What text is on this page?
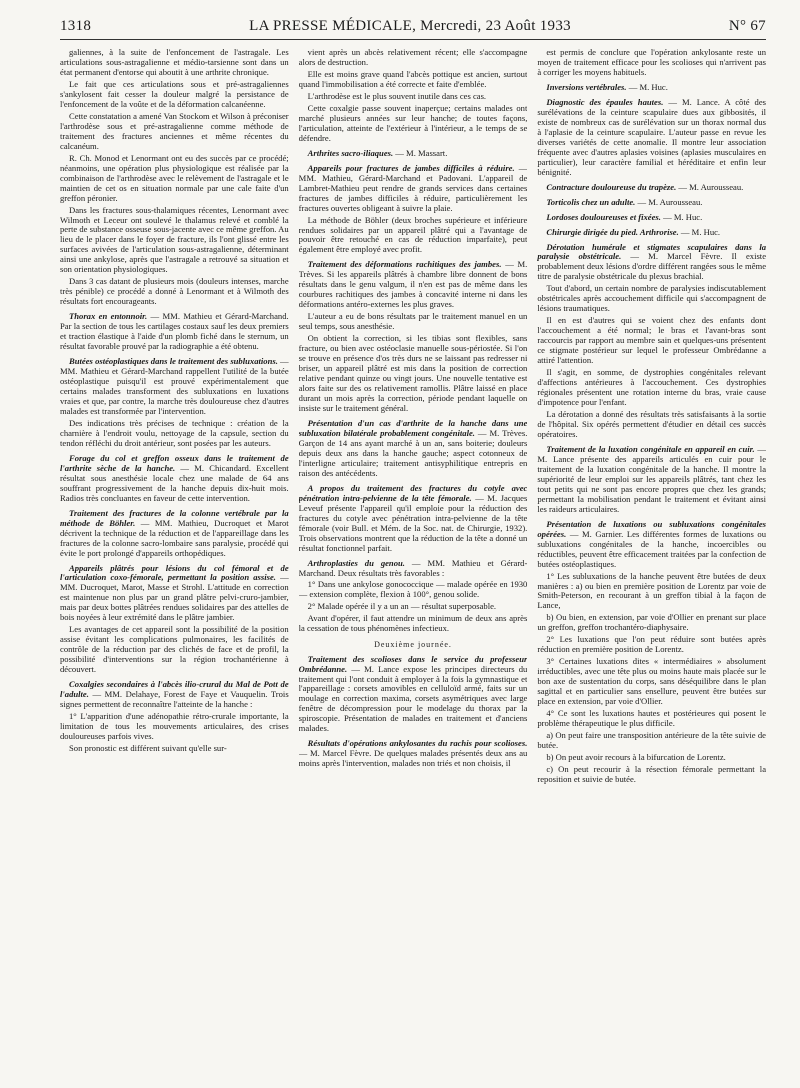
1318	LA PRESSE MÉDICALE, Mercredi, 23 Août 1933	N° 67

galiennes, à la suite de l'enfoncement de l'astragale. Les articulations sous-astragalienne et médio-tarsienne sont dans un état permanent d'entorse qui aboutit à une arthrite chronique.

Le fait que ces articulations sous et pré-astragaliennes s'ankylosent fait cesser la douleur malgré la persistance de l'enfoncement de la voûte et de la déformation calcanéenne.

Cette constatation a amené Van Stockom et Wilson à préconiser l'arthrodèse sous et pré-astragalienne comme méthode de traitement des fractures anciennes et même récentes du calcanéum.

R. Ch. Monod et Lenormant ont eu des succès par ce procédé; néanmoins, une opération plus physiologique est réalisée par la combinaison de l'arthrodèse avec le relèvement de l'astragale et le maintien de cet os en situation normale par une cale faite d'un greffon péronier.

Dans les fractures sous-thalamiques récentes, Lenormant avec Wilmoth et Leceur ont soulevé le thalamus relevé et comblé la perte de substance osseuse sous-jacente avec ce même greffon. Au lieu de le placer dans le foyer de fracture, ils l'ont glissé entre les surfaces avivées de l'articulation sous-astragalienne, déterminant ainsi une ankylose, après que l'astragale a retrouvé sa situation et son orientation physiologiques.

Dans 3 cas datant de plusieurs mois (douleurs intenses, marche très pénible) ce procédé a donné à Lenormant et à Wilmoth des résultats fort encourageants.

Thorax en entonnoir. — MM. Mathieu et Gérard-Marchand. Par la section de tous les cartilages costaux sauf les deux premiers et traction élastique à l'aide d'un plomb fiché dans le sternum, un résultat favorable prouvé par la radiographie a été obtenu.

Butées ostéoplastiques dans le traitement des subluxations. — MM. Mathieu et Gérard-Marchand rappellent l'utilité de la butée ostéoplastique puisqu'il est prouvé expérimentalement que certains malades transforment des subluxations en luxations vraies et que, par contre, la marche très douloureuse chez d'autres malades est transformée par l'intervention.

Des indications très précises de technique : création de la charnière à l'endroit voulu, nettoyage de la capsule, section du tendon réfléchi du droit antérieur, sont posées par les auteurs.

Forage du col et greffon osseux dans le traitement de l'arthrite sèche de la hanche. — M. Chicandard. Excellent résultat sous anesthésie locale chez une malade de 64 ans souffrant progressivement de la hanche depuis dix-huit mois. Radios très concluantes en faveur de cette intervention.

Traitement des fractures de la colonne vertébrale par la méthode de Böhler. — MM. Mathieu, Ducroquet et Marot décrivent la technique de la réduction et de l'appareillage dans les fractures de la colonne sacro-lombaire sans paralysie, procédé qui évite le port prolongé d'appareils orthopédiques.

Appareils plâtrés pour lésions du col fémoral et de l'articulation coxo-fémorale, permettant la position assise. — MM. Ducroquet, Marot, Masse et Strohl. L'attitude en correction est maintenue non plus par un grand plâtre pelvi-cruro-jambier, mais par deux bottes plâtrées rendues solidaires par des attelles de bois noyées à leur extrémité dans le plâtre jambier.

Les avantages de cet appareil sont la possibilité de la position assise évitant les complications pulmonaires, les facilités de contrôle de la réduction par des clichés de face et de profil, la possibilité d'interventions sur la région trochantérienne à découvert.

Coxalgies secondaires à l'abcès ilio-crural du Mal de Pott de l'adulte. — MM. Delahaye, Forest de Faye et Vauquelin. Trois signes permettent de reconnaître l'atteinte de la hanche :

1° L'apparition d'une adénopathie rétro-crurale importante, la limitation de tous les mouvements articulaires, des crises douloureuses parfois vives.

Son pronostic est différent suivant qu'elle sur-

vient après un abcès relativement récent; elle s'accompagne alors de destruction.

Elle est moins grave quand l'abcès pottique est ancien, surtout quand l'immobilisation a été correcte et faite d'emblée.

L'arthrodèse est le plus souvent inutile dans ces cas.

Cette coxalgie passe souvent inaperçue; certains malades ont marché plusieurs années sur leur hanche; de toutes façons, l'articulation, atteinte de l'extérieur à l'intérieur, a le temps de se défendre.

Arthrites sacro-iliaques. — M. Massart.

Appareils pour fractures de jambes difficiles à réduire. — MM. Mathieu, Gérard-Marchand et Padovani. L'appareil de Lambret-Mathieu peut rendre de grands services dans certaines fractures de jambes difficiles à réduire, particulièrement les fractures ouvertes obligeant à suivre la plaie.

La méthode de Böhler (deux broches supérieure et inférieure rendues solidaires par un appareil plâtré qui a l'avantage de pouvoir être retouché en cas de réduction imparfaite), peut également être employé avec profit.

Traitement des déformations rachitiques des jambes. — M. Trèves. Si les appareils plâtrés à chambre libre donnent de bons résultats dans le genu valgum, il n'en est pas de même dans les courbures rachitiques des jambes à concavité interne ni dans les déformations antéro-externes les plus graves.

L'auteur a eu de bons résultats par le traitement manuel en un seul temps, sous anesthésie.

On obtient la correction, si les tibias sont flexibles, sans fracture, ou bien avec ostéoclasie manuelle sous-périostée. Si l'on se trouve en présence d'os très durs ne se laissant pas redresser ni briser, un appareil plâtré est mis dans la position de correction relative pendant quinze ou vingt jours. Une nouvelle tentative est alors faite sur des os relativement ramollis. Plâtre laissé en place durant un mois après la correction, période pendant laquelle on insiste sur le traitement général.

Présentation d'un cas d'arthrite de la hanche dans une subluxation bilatérale probablement congénitale. — M. Trèves. Garçon de 14 ans ayant marché à un an, sans boiterie; douleurs depuis deux ans dans la hanche gauche; aspect cotonneux de l'interligne articulaire; traitement antisyphilitique entrepris en raison des antécédents.

A propos du traitement des fractures du cotyle avec pénétration intra-pelvienne de la tête fémorale. — M. Jacques Leveuf présente l'appareil qu'il emploie pour la réduction des fractures du cotyle avec pénétration intra-pelvienne de la tête fémorale (voir Bull. et Mém. de la Soc. nat. de Chirurgie, 1932). Trois observations montrent que la réduction de la tête a donné un résultat fonctionnel parfait.

Arthroplasties du genou. — MM. Mathieu et Gérard-Marchand. Deux résultats très favorables :

1° Dans une ankylose gonococcique — malade opérée en 1930 — extension complète, flexion à 100°, genou solide.

2° Malade opérée il y a un an — résultat superposable.

Avant d'opérer, il faut attendre un minimum de deux ans après la cessation de tous phénomènes infectieux.

Deuxième journée.

Traitement des scolioses dans le service du professeur Ombrédanne. — M. Lance expose les principes directeurs du traitement qui l'ont conduit à employer à la fois la gymnastique et l'appareillage : corsets amovibles en celluloïd armé, faits sur un moulage en correction maxima, corsets asymétriques avec large fenêtre de décompression pour le modelage du thorax par la spiroscopie. Présentation de malades en traitement et d'anciens malades.

Résultats d'opérations ankylosantes du rachis pour scolioses. — M. Marcel Fèvre. De quelques malades présentés deux ans au moins après l'intervention, malades non triés et non choisis, il

est permis de conclure que l'opération ankylosante reste un moyen de traitement efficace pour les scolioses qui n'arrivent pas à corriger les moyens habituels.

Inversions vertébrales. — M. Huc.

Diagnostic des épaules hautes. — M. Lance. A côté des surélévations de la ceinture scapulaire dues aux gibbosités, il existe de nombreux cas de surélévation sur un thorax normal dus à l'aplasie de la ceinture scapulaire. L'auteur passe en revue les diverses variétés de cette anomalie. Il montre leur association fréquente avec d'autres aplasies voisines (aplasies musculaires en particulier), leur caractère familial et héréditaire et enfin leur bénignité.

Contracture douloureuse du trapèze. — M. Aurousseau.

Torticolis chez un adulte. — M. Aurousseau.

Lordoses douloureuses et fixées. — M. Huc.

Chirurgie dirigée du pied. Arthrorise. — M. Huc.

Dérotation humérale et stigmates scapulaires dans la paralysie obstétricale. — M. Marcel Fèvre. Il existe probablement deux lésions d'ordre différent rangées sous le même titre de paralysie obstétricale du plexus brachial.

Tout d'abord, un certain nombre de paralysies indiscutablement obstétricales après accouchement difficile qui s'accompagnent de lésions traumatiques.

Il en est d'autres qui se voient chez des enfants dont l'accouchement a été normal; le bras et l'avant-bras sont raccourcis par rapport au membre sain et quelques-uns présentent ce stigmate postérieur sur lequel le professeur Ombrédanne a attiré l'attention.

Il s'agit, en somme, de dystrophies congénitales relevant d'affections antérieures à l'accouchement. Ces dystrophies régionales présentent une rotation interne du bras, vraie cause d'impotence pour l'enfant.

La dérotation a donné des résultats très satisfaisants à la sortie de l'hôpital. Six opérés permettent d'étudier en détail ces succès opératoires.

Traitement de la luxation congénitale en appareil en cuir. — M. Lance présente des appareils articulés en cuir pour le traitement de la luxation congénitale de la hanche. Il montre la supériorité de leur emploi sur les appareils plâtrés, tant chez les tout petits qui ne sont pas encore propres que chez les grands; permettant la mobilisation pendant le traitement et évitant ainsi les raideurs articulaires.

Présentation de luxations ou subluxations congénitales opérées. — M. Garnier. Les différentes formes de luxations ou subluxations congénitales de la hanche, incoercibles ou réductibles, peuvent être efficacement traitées par la confection de butées ostéoplastiques.

1° Les subluxations de la hanche peuvent être butées de deux manières : a) ou bien en première position de Lorentz par voie de Smith-Peterson, en recourant à un greffon tibial à la façon de Lance,

b) Ou bien, en extension, par voie d'Ollier en prenant sur place un greffon, greffon trochantéro-diaphysaire.

2° Les luxations que l'on peut réduire sont butées après réduction en première position de Lorentz.

3° Certaines luxations dites « intermédiaires » absolument irréductibles, avec une tête plus ou moins haute mais placée sur le bon axe de sustentation du corps, sans déséquilibre dans le plan sagittal et en particulier sans ensellure, peuvent être butées sur place en extension, par voie d'Ollier.

4° Ce sont les luxations hautes et postérieures qui posent le problème thérapeutique le plus difficile.

a) On peut faire une transposition antérieure de la tête suivie de butée.

b) On peut avoir recours à la bifurcation de Lorentz.

c) On peut recourir à la résection fémorale permettant la reposition et suivie de butée.
